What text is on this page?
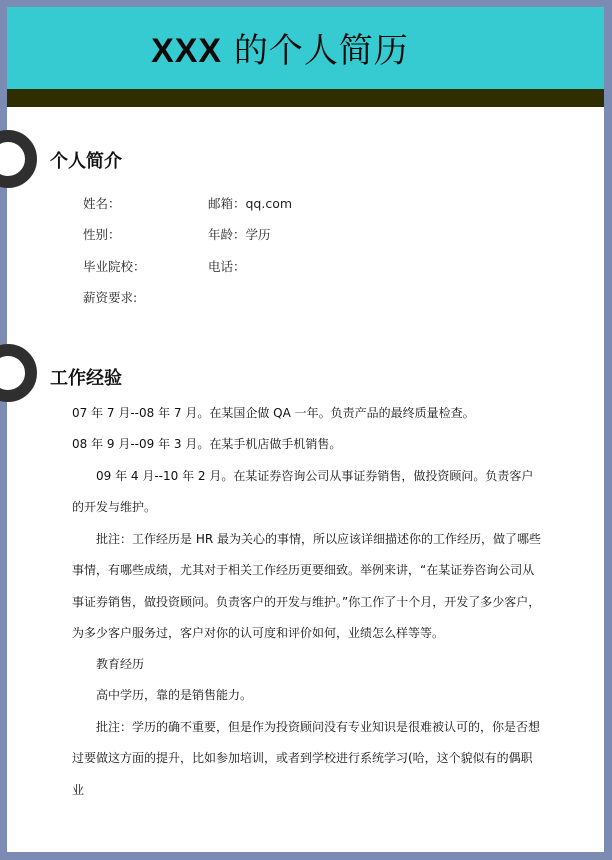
XXX 的个人简历
个人简介
姓名：
性别：
毕业院校：
薪资要求:
邮箱：qq.com
年龄：学历
电话：
工作经验
07 年 7 月--08 年 7 月。在某国企做 QA 一年。负责产品的最终质量检查。
08 年 9 月--09 年 3 月。在某手机店做手机销售。
09 年 4 月--10 年 2 月。在某证券咨询公司从事证券销售，做投资顾问。负责客户的开发与维护。
批注：工作经历是 HR 最为关心的事情，所以应该详细描述你的工作经历，做了哪些事情，有哪些成绩，尤其对于相关工作经历更要细致。举例来讲，“在某证券咨询公司从事证券销售，做投资顾问。负责客户的开发与维护。”你工作了十个月，开发了多少客户，为多少客户服务过，客户对你的认可度和评价如何，业绩怎么样等等。
教育经历
高中学历，靠的是销售能力。
批注：学历的确不重要，但是作为投资顾问没有专业知识是很难被认可的，你是否想过要做这方面的提升，比如参加培训，或者到学校进行系统学习(哈，这个貌似有的偶职业
